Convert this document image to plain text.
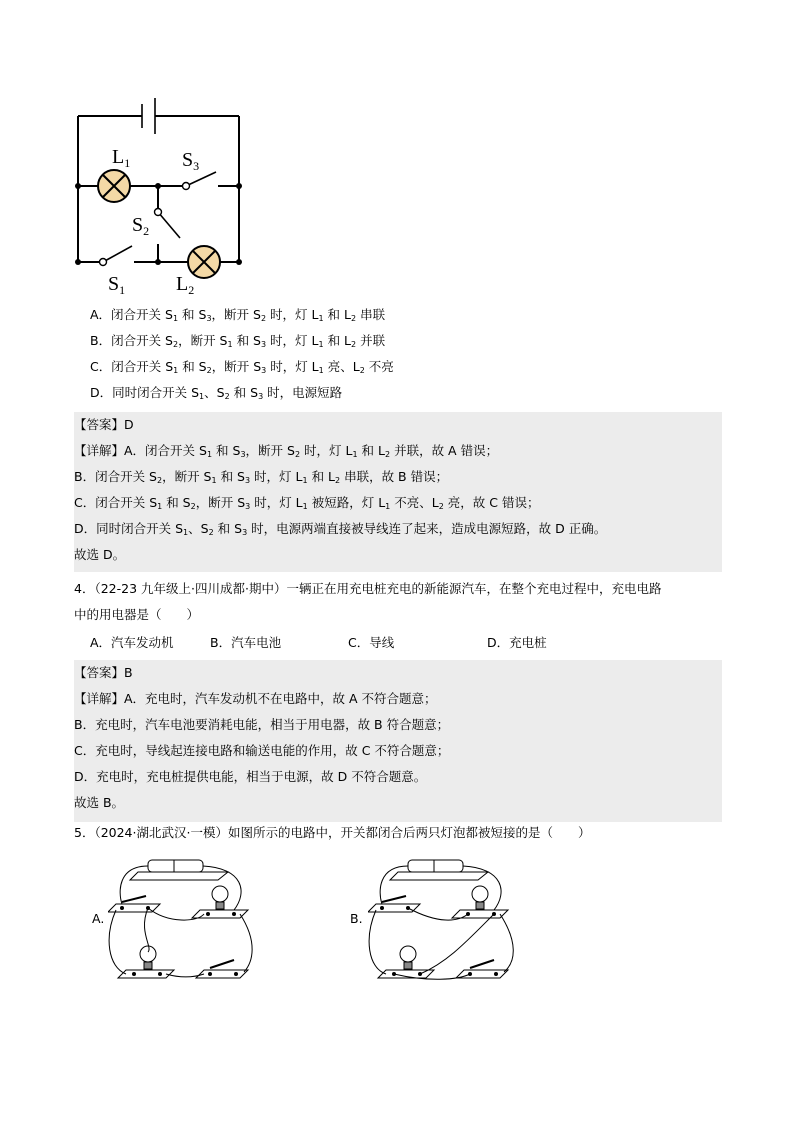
$L_1$	$S_3$
$S_2$
$S_1$	$L_2$
A．闭合开关 $S_1$ 和 $S_3$，断开 $S_2$ 时，灯 $L_1$ 和 $L_2$ 串联
B．闭合开关 $S_2$，断开 $S_1$ 和 $S_3$ 时，灯 $L_1$ 和 $L_2$ 并联
C．闭合开关 $S_1$ 和 $S_2$，断开 $S_3$ 时，灯 $L_1$ 亮、$L_2$ 不亮
D．同时闭合开关 $S_1$、$S_2$ 和 $S_3$ 时，电源短路
【答案】D
【详解】A．闭合开关 $S_1$ 和 $S_3$，断开 $S_2$ 时，灯 $L_1$ 和 $L_2$ 并联，故 A 错误；
B．闭合开关 $S_2$，断开 $S_1$ 和 $S_3$ 时，灯 $L_1$ 和 $L_2$ 串联，故 B 错误；
C．闭合开关 $S_1$ 和 $S_2$，断开 $S_3$ 时，灯 $L_1$ 被短路，灯 $L_1$ 不亮、$L_2$ 亮，故 C 错误；
D．同时闭合开关 $S_1$、$S_2$ 和 $S_3$ 时，电源两端直接被导线连了起来，造成电源短路，故 D 正确。
故选 D。
4．（22-23 九年级上·四川成都·期中）一辆正在用充电桩充电的新能源汽车，在整个充电过程中，充电电路
中的用电器是（　　）
A．汽车发动机	B．汽车电池	C．导线	D．充电桩
【答案】B
【详解】A．充电时，汽车发动机不在电路中，故 A 不符合题意；
B．充电时，汽车电池要消耗电能，相当于用电器，故 B 符合题意；
C．充电时，导线起连接电路和输送电能的作用，故 C 不符合题意；
D．充电时，充电桩提供电能，相当于电源，故 D 不符合题意。
故选 B。
5．（2024·湖北武汉·一模）如图所示的电路中，开关都闭合后两只灯泡都被短接的是（　　）
A.	B.
